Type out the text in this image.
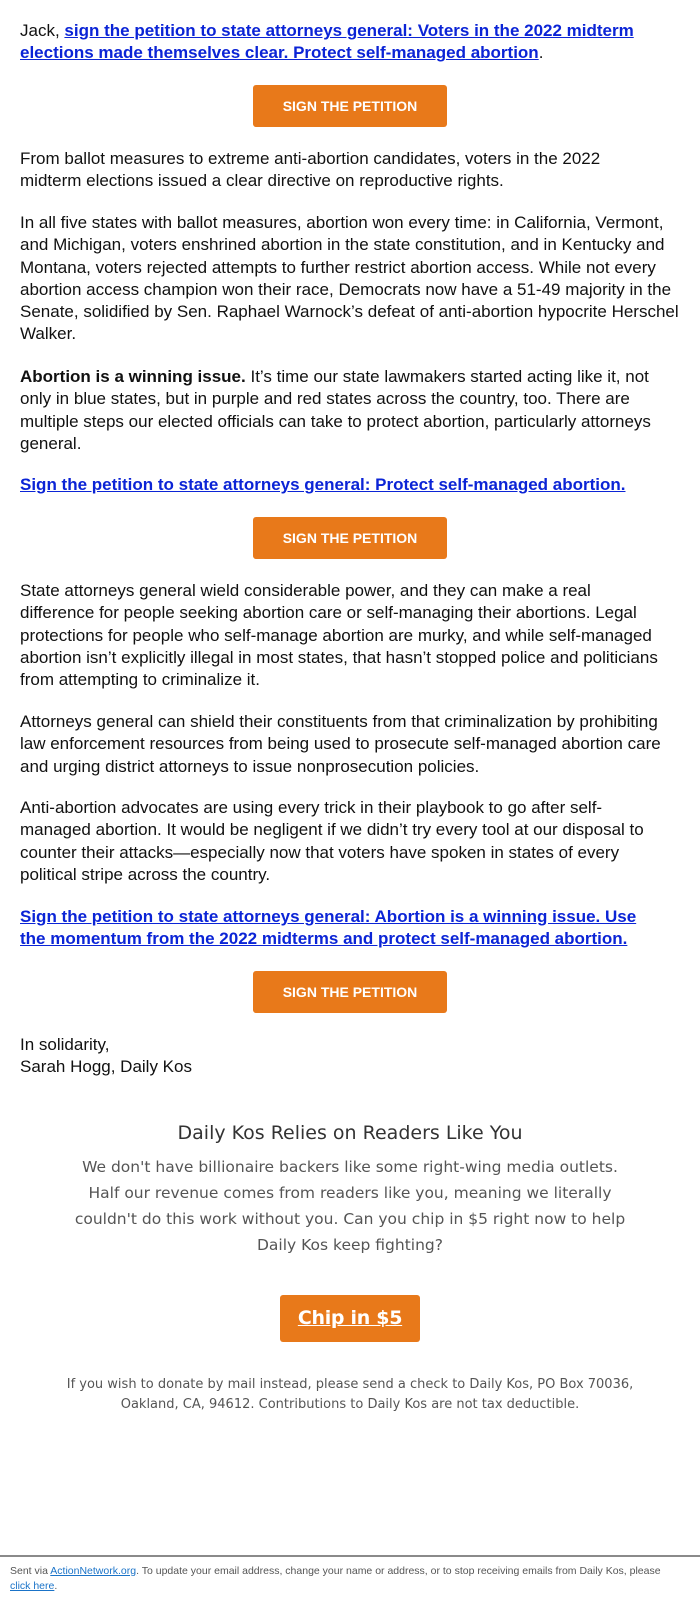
Jack, sign the petition to state attorneys general: Voters in the 2022 midterm elections made themselves clear. Protect self-managed abortion.

SIGN THE PETITION

From ballot measures to extreme anti-abortion candidates, voters in the 2022 midterm elections issued a clear directive on reproductive rights.

In all five states with ballot measures, abortion won every time: in California, Vermont, and Michigan, voters enshrined abortion in the state constitution, and in Kentucky and Montana, voters rejected attempts to further restrict abortion access. While not every abortion access champion won their race, Democrats now have a 51-49 majority in the Senate, solidified by Sen. Raphael Warnock’s defeat of anti-abortion hypocrite Herschel Walker.

Abortion is a winning issue. It’s time our state lawmakers started acting like it, not only in blue states, but in purple and red states across the country, too. There are multiple steps our elected officials can take to protect abortion, particularly attorneys general.

Sign the petition to state attorneys general: Protect self-managed abortion.

SIGN THE PETITION

State attorneys general wield considerable power, and they can make a real difference for people seeking abortion care or self-managing their abortions. Legal protections for people who self-manage abortion are murky, and while self-managed abortion isn’t explicitly illegal in most states, that hasn’t stopped police and politicians from attempting to criminalize it.

Attorneys general can shield their constituents from that criminalization by prohibiting law enforcement resources from being used to prosecute self-managed abortion care and urging district attorneys to issue nonprosecution policies.

Anti-abortion advocates are using every trick in their playbook to go after self-managed abortion. It would be negligent if we didn’t try every tool at our disposal to counter their attacks—especially now that voters have spoken in states of every political stripe across the country.

Sign the petition to state attorneys general: Abortion is a winning issue. Use the momentum from the 2022 midterms and protect self-managed abortion.

SIGN THE PETITION

In solidarity,
Sarah Hogg, Daily Kos

Daily Kos Relies on Readers Like You
We don't have billionaire backers like some right-wing media outlets.
Half our revenue comes from readers like you, meaning we literally
couldn't do this work without you. Can you chip in $5 right now to help
Daily Kos keep fighting?
Chip in $5
If you wish to donate by mail instead, please send a check to Daily Kos, PO Box 70036,
Oakland, CA, 94612. Contributions to Daily Kos are not tax deductible.
Sent via ActionNetwork.org. To update your email address, change your name or address, or to stop receiving emails from Daily Kos, please click here.
